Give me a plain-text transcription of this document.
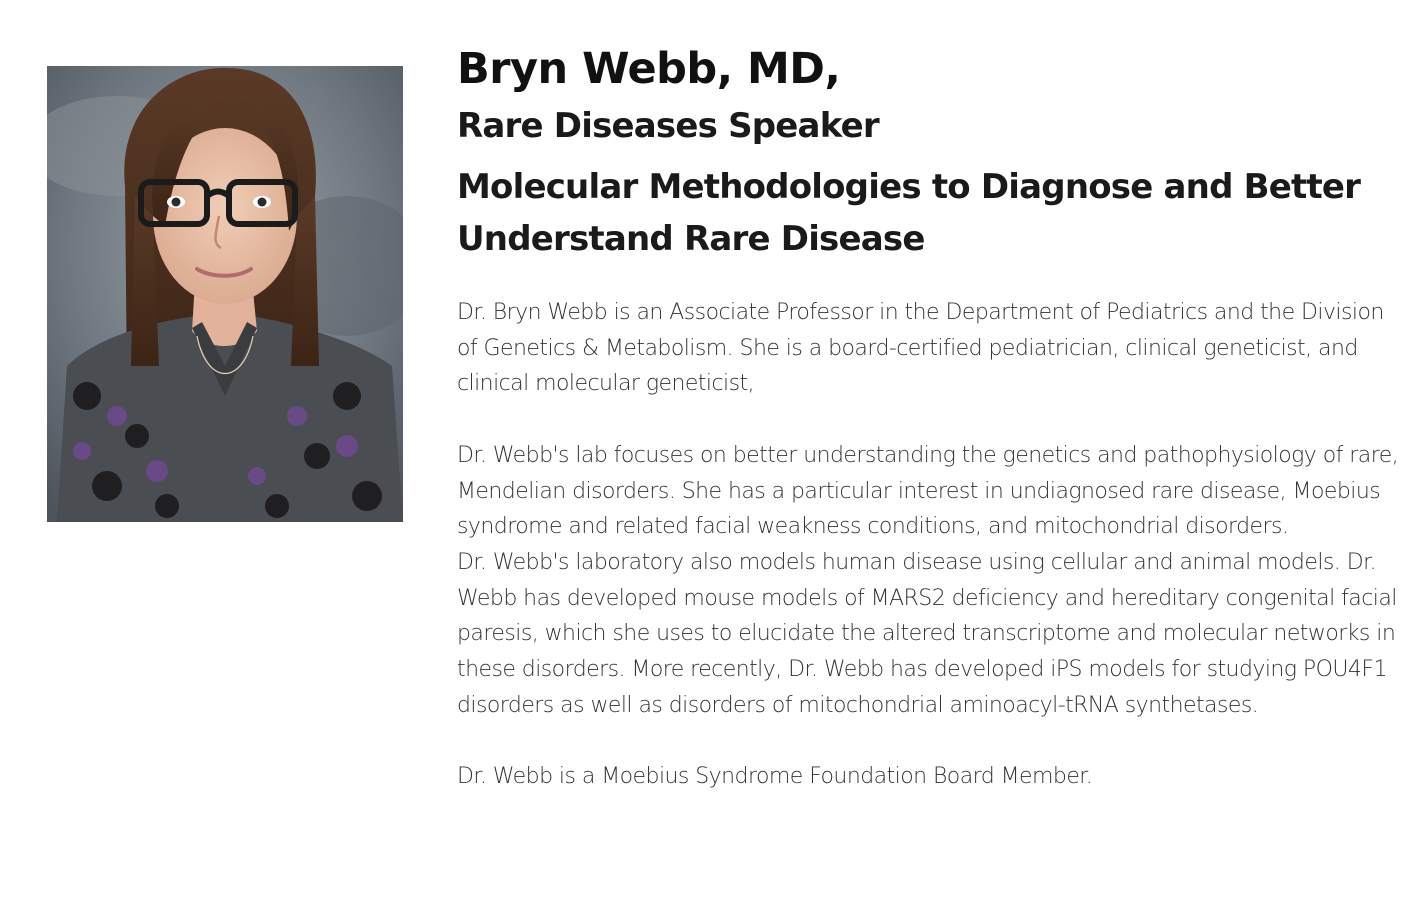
Bryn Webb, MD,
Rare Diseases Speaker
Molecular Methodologies to Diagnose and Better Understand Rare Disease

Dr. Bryn Webb is an Associate Professor in the Department of Pediatrics and the Division of Genetics & Metabolism. She is a board-certified pediatrician, clinical geneticist, and clinical molecular geneticist,

Dr. Webb's lab focuses on better understanding the genetics and pathophysiology of rare, Mendelian disorders. She has a particular interest in undiagnosed rare disease, Moebius syndrome and related facial weakness conditions, and mitochondrial disorders.

Dr. Webb's laboratory also models human disease using cellular and animal models. Dr. Webb has developed mouse models of MARS2 deficiency and hereditary congenital facial paresis, which she uses to elucidate the altered transcriptome and molecular networks in these disorders. More recently, Dr. Webb has developed iPS models for studying POU4F1 disorders as well as disorders of mitochondrial aminoacyl-tRNA synthetases.

Dr. Webb is a Moebius Syndrome Foundation Board Member.
